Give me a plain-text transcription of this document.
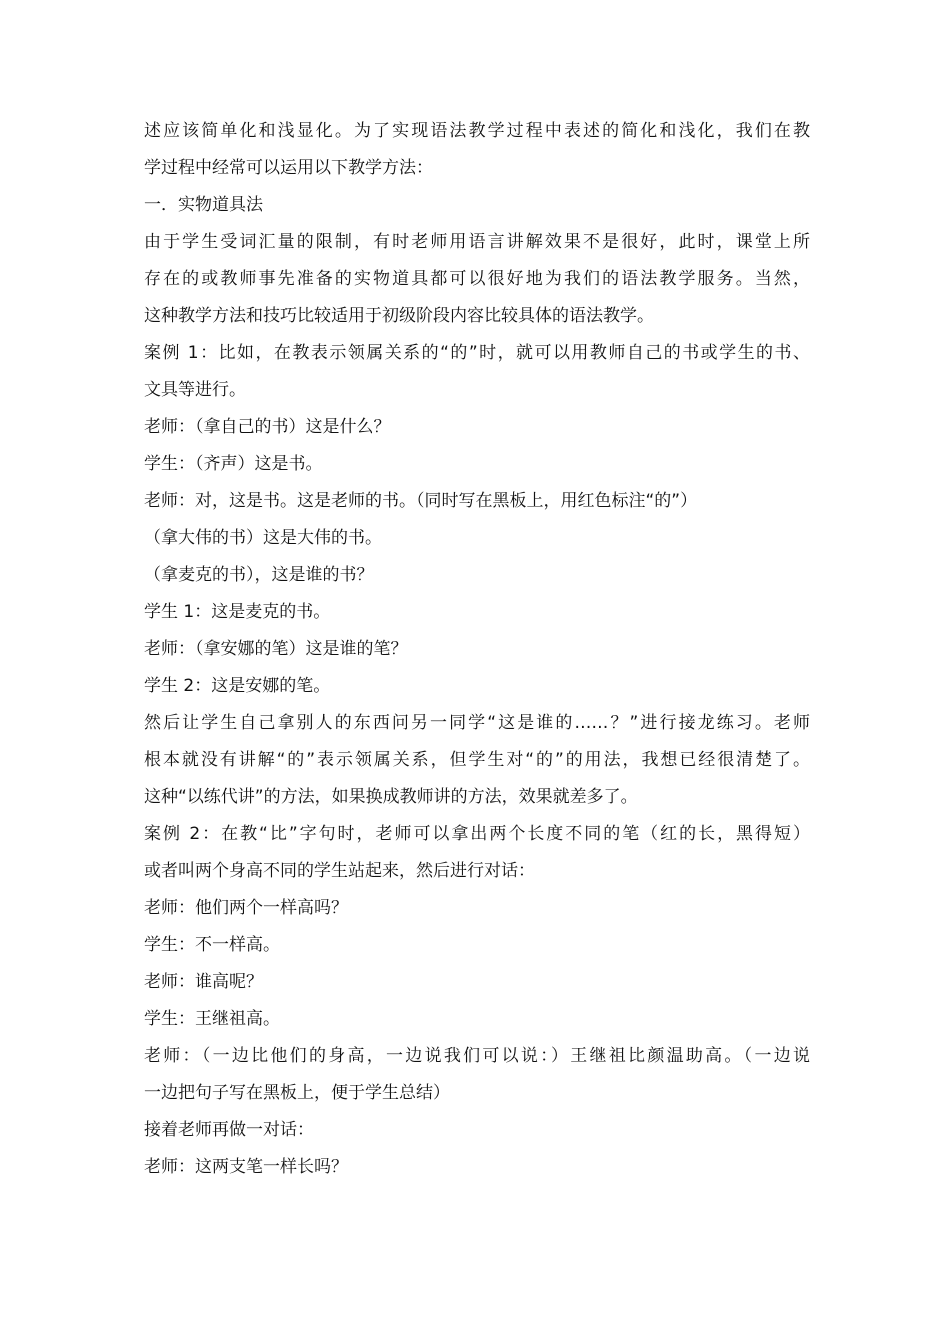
述应该简单化和浅显化。为了实现语法教学过程中表述的简化和浅化，我们在教
学过程中经常可以运用以下教学方法：
一．实物道具法
由于学生受词汇量的限制，有时老师用语言讲解效果不是很好，此时，课堂上所
存在的或教师事先准备的实物道具都可以很好地为我们的语法教学服务。当然，
这种教学方法和技巧比较适用于初级阶段内容比较具体的语法教学。
案例 1：比如，在教表示领属关系的“的”时，就可以用教师自己的书或学生的书、
文具等进行。
老师：（拿自己的书）这是什么？
学生：（齐声）这是书。
老师：对，这是书。这是老师的书。（同时写在黑板上，用红色标注“的”）
（拿大伟的书）这是大伟的书。
（拿麦克的书），这是谁的书？
学生 1：这是麦克的书。
老师：（拿安娜的笔）这是谁的笔？
学生 2：这是安娜的笔。
然后让学生自己拿别人的东西问另一同学“这是谁的……？”进行接龙练习。老师
根本就没有讲解“的”表示领属关系，但学生对“的”的用法，我想已经很清楚了。
这种“以练代讲”的方法，如果换成教师讲的方法，效果就差多了。
案例 2：在教“比”字句时，老师可以拿出两个长度不同的笔（红的长，黑得短）
或者叫两个身高不同的学生站起来，然后进行对话：
老师：他们两个一样高吗？
学生：不一样高。
老师：谁高呢？
学生：王继祖高。
老师：（一边比他们的身高，一边说我们可以说：）王继祖比颜温助高。（一边说
一边把句子写在黑板上，便于学生总结）
接着老师再做一对话：
老师：这两支笔一样长吗？
